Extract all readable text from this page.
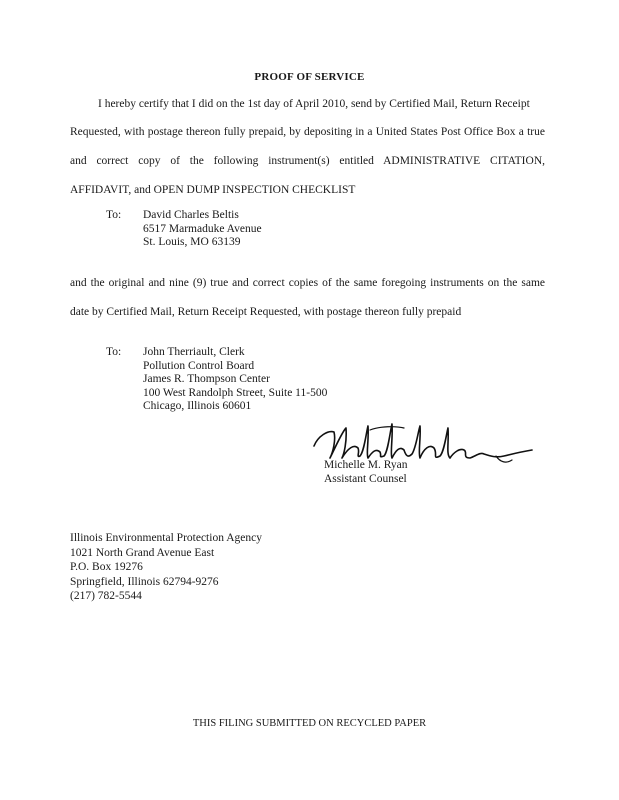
PROOF OF SERVICE
I hereby certify that I did on the 1st day of April 2010, send by Certified Mail, Return Receipt
Requested, with postage thereon fully prepaid, by depositing in a United States Post Office Box a true
and correct copy of the following instrument(s) entitled ADMINISTRATIVE CITATION,
AFFIDAVIT, and OPEN DUMP INSPECTION CHECKLIST
To: David Charles Beltis
6517 Marmaduke Avenue
St. Louis, MO 63139
and the original and nine (9) true and correct copies of the same foregoing instruments on the same
date by Certified Mail, Return Receipt Requested, with postage thereon fully prepaid
To: John Therriault, Clerk
Pollution Control Board
James R. Thompson Center
100 West Randolph Street, Suite 11-500
Chicago, Illinois 60601
Michelle M. Ryan
Assistant Counsel
Illinois Environmental Protection Agency
1021 North Grand Avenue East
P.O. Box 19276
Springfield, Illinois 62794-9276
(217) 782-5544
THIS FILING SUBMITTED ON RECYCLED PAPER
